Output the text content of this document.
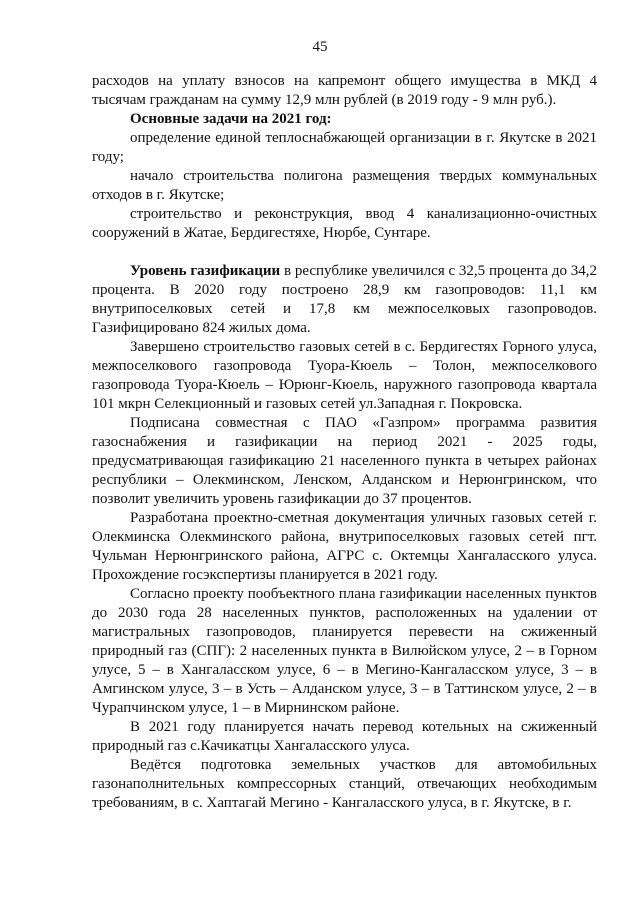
45

расходов на уплату взносов на капремонт общего имущества в МКД 4 тысячам гражданам на сумму 12,9 млн рублей (в 2019 году - 9 млн руб.).

Основные задачи на 2021 год:

определение единой теплоснабжающей организации в г. Якутске в 2021 году;

начало строительства полигона размещения твердых коммунальных отходов в г. Якутске;

строительство и реконструкция, ввод 4 канализационно-очистных сооружений в Жатае, Бердигестяхе, Нюрбе, Сунтаре.

Уровень газификации в республике увеличился с 32,5 процента до 34,2 процента. В 2020 году построено 28,9 км газопроводов: 11,1 км внутрипоселковых сетей и 17,8 км межпоселковых газопроводов. Газифицировано 824 жилых дома.

Завершено строительство газовых сетей в с. Бердигестях Горного улуса, межпоселкового газопровода Туора-Кюель – Толон, межпоселкового газопровода Туора-Кюель – Юрюнг-Кюель, наружного газопровода квартала 101 мкрн Селекционный и газовых сетей ул.Западная г. Покровска.

Подписана совместная с ПАО «Газпром» программа развития газоснабжения и газификации на период 2021 - 2025 годы, предусматривающая газификацию 21 населенного пункта в четырех районах республики – Олекминском, Ленском, Алданском и Нерюнгринском, что позволит увеличить уровень газификации до 37 процентов.

Разработана проектно-сметная документация уличных газовых сетей г. Олекминска Олекминского района, внутрипоселковых газовых сетей пгт. Чульман Нерюнгринского района, АГРС с. Октемцы Хангаласского улуса. Прохождение госэкспертизы планируется в 2021 году.

Согласно проекту пообъектного плана газификации населенных пунктов до 2030 года 28 населенных пунктов, расположенных на удалении от магистральных газопроводов, планируется перевести на сжиженный природный газ (СПГ): 2 населенных пункта в Вилюйском улусе, 2 – в Горном улусе, 5 – в Хангаласском улусе, 6 – в Мегино-Кангаласском улусе, 3 – в Амгинском улусе, 3 – в Усть – Алданском улусе, 3 – в Таттинском улусе, 2 – в Чурапчинском улусе, 1 – в Мирнинском районе.

В 2021 году планируется начать перевод котельных на сжиженный природный газ с.Качикатцы Хангаласского улуса.

Ведётся подготовка земельных участков для автомобильных газонаполнительных компрессорных станций, отвечающих необходимым требованиям, в с. Хаптагай Мегино - Кангаласского улуса, в г. Якутске, в г.
